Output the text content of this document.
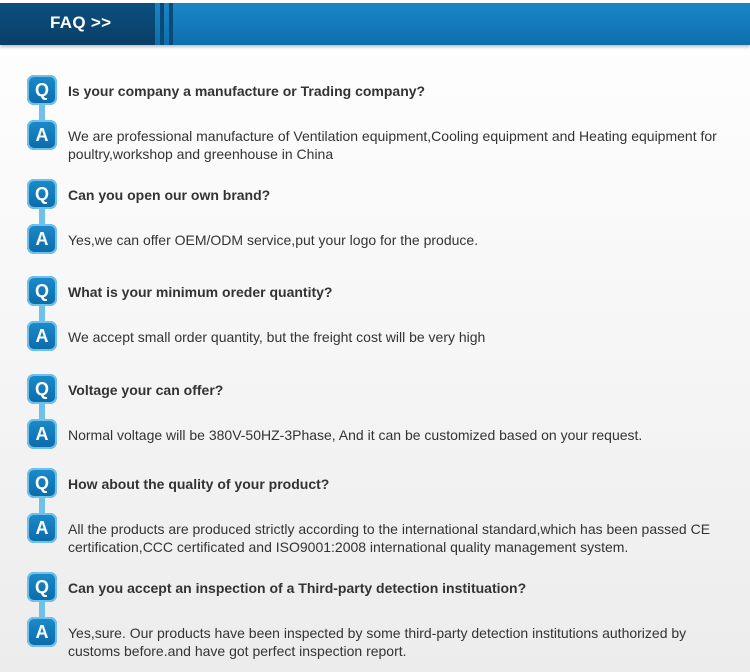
FAQ >>
Q	Is your company a manufacture or Trading company?
A	We are professional manufacture of Ventilation equipment,Cooling equipment and Heating equipment for poultry,workshop and greenhouse in China
Q	Can you open our own brand?
A	Yes,we can offer OEM/ODM service,put your logo for the produce.
Q	What is your minimum oreder quantity?
A	We accept small order quantity, but the freight cost will be very high
Q	Voltage your can offer?
A	Normal voltage will be 380V-50HZ-3Phase, And it can be customized based on your request.
Q	How about the quality of your product?
A	All the products are produced strictly according to the international standard,which has been passed CE certification,CCC certificated and ISO9001:2008 international quality management system.
Q	Can you accept an inspection of a Third-party detection instituation?
A	Yes,sure. Our products have been inspected by some third-party detection institutions authorized by customs before.and have got perfect inspection report.
